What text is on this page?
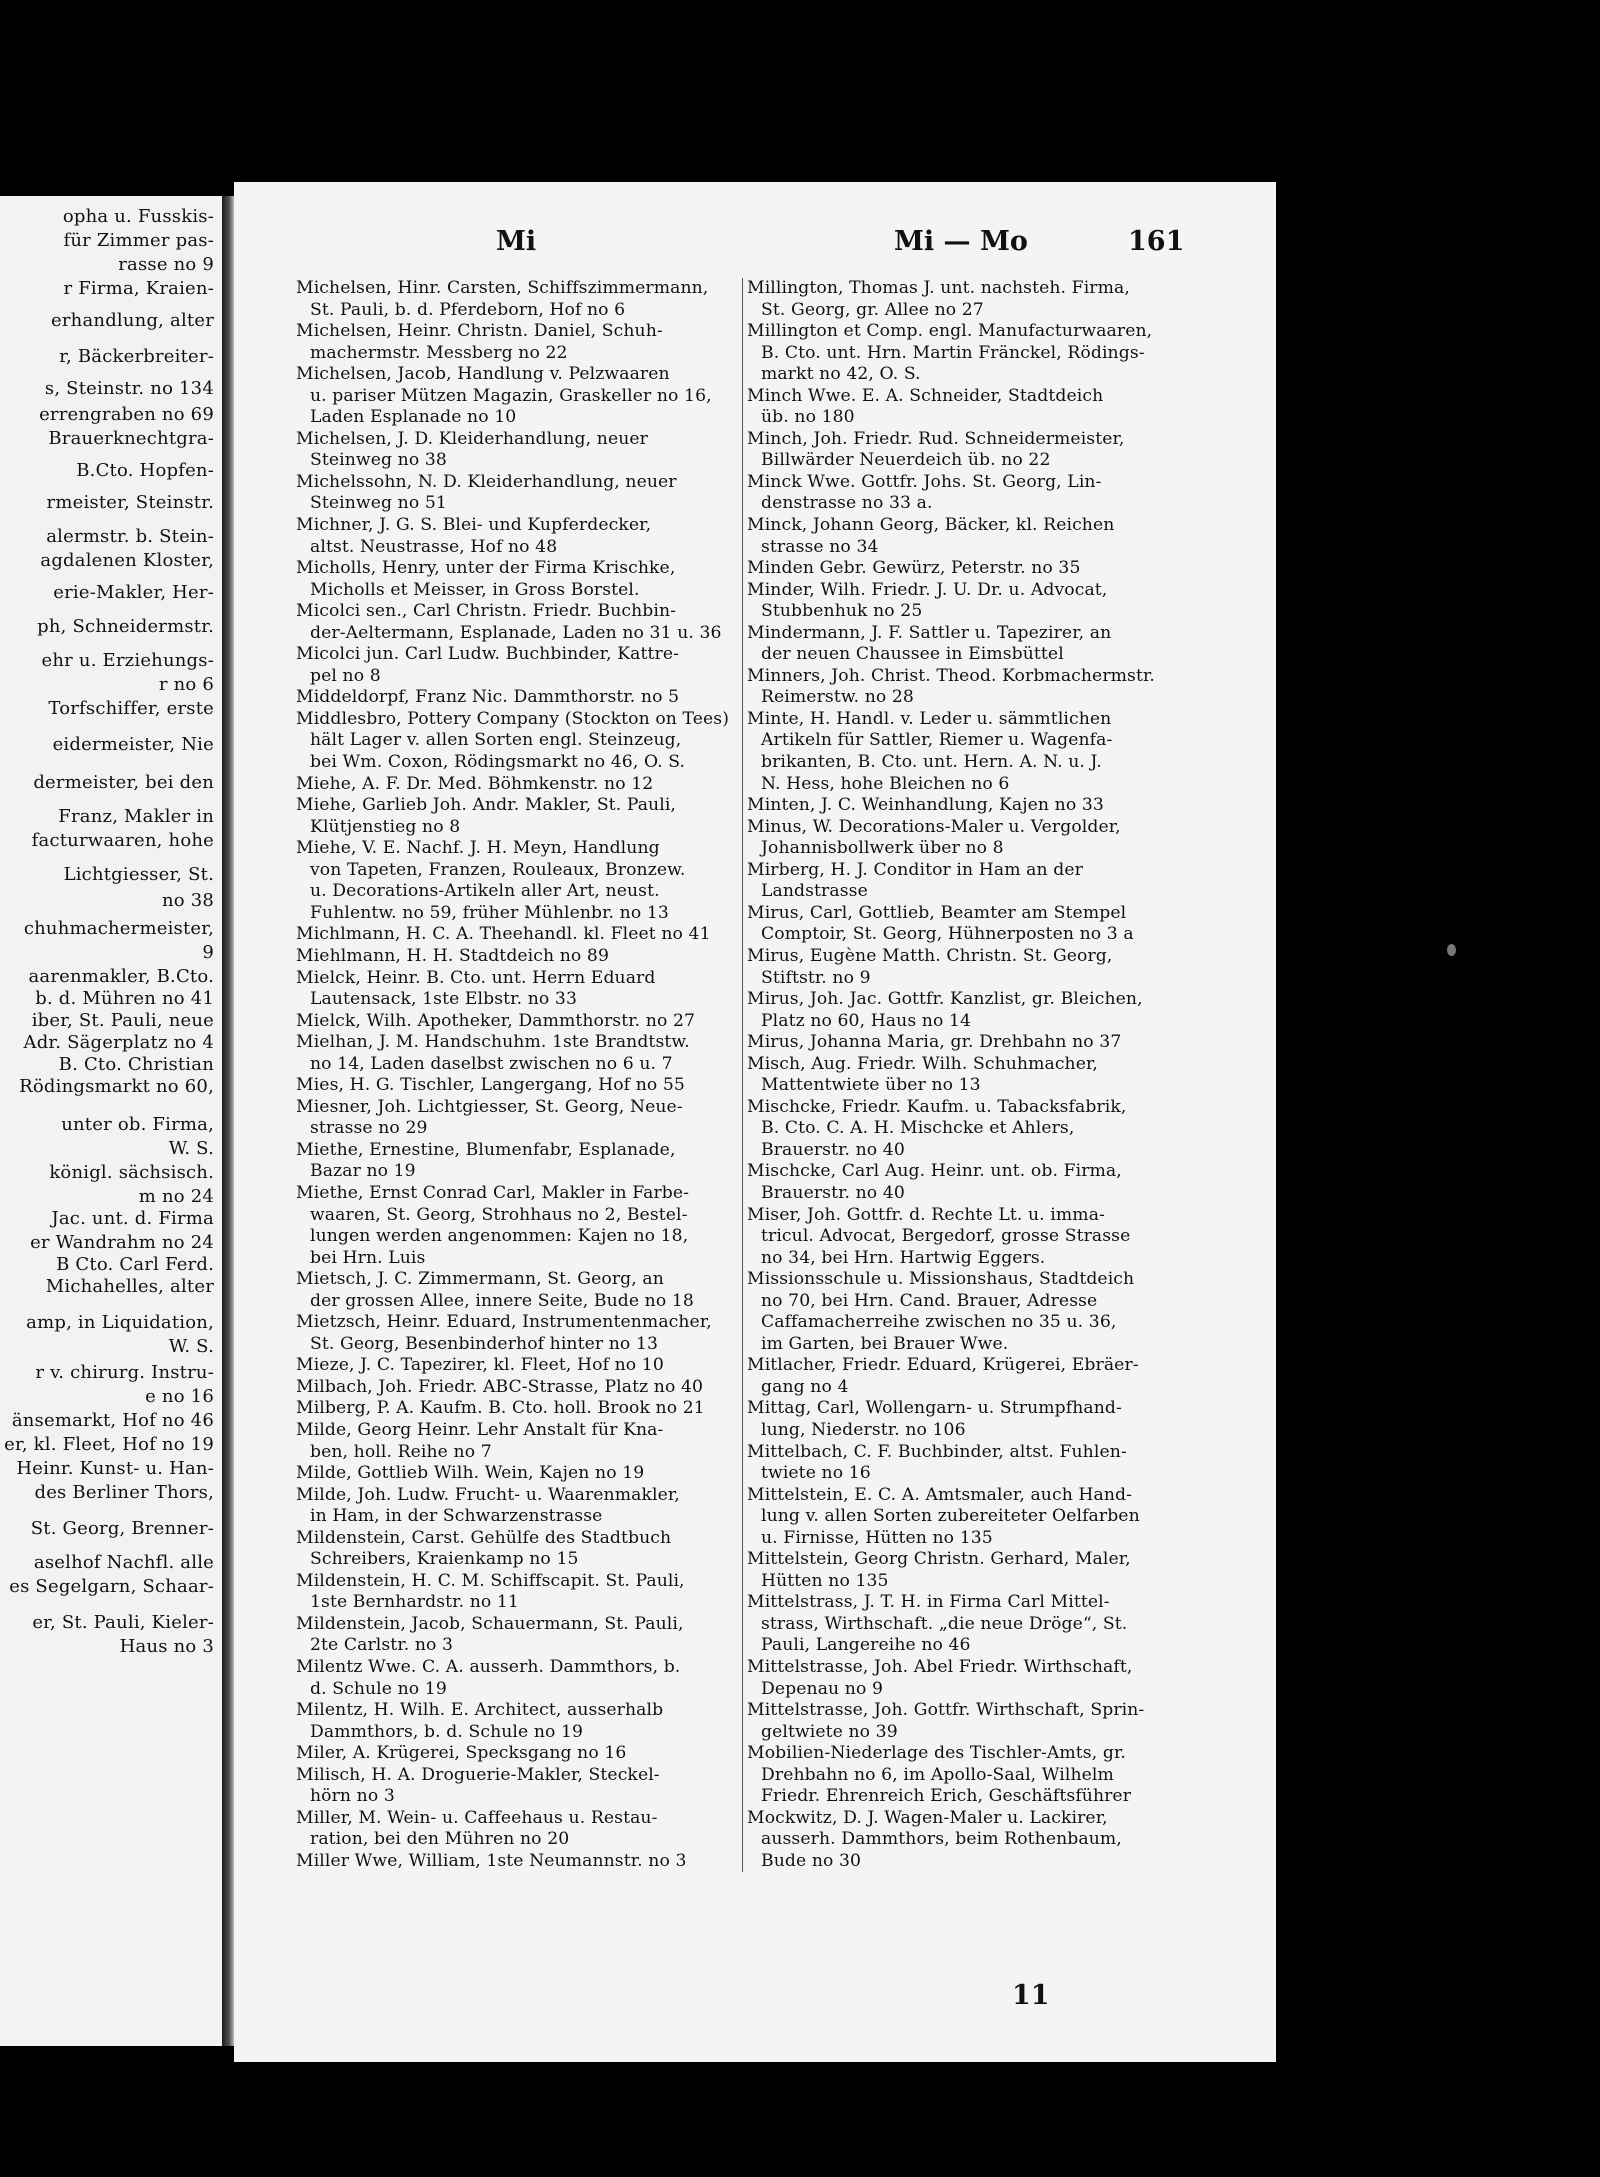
opha u. Fusskis-
für Zimmer pas-
rasse no 9
r Firma, Kraien-
erhandlung, alter
r, Bäckerbreiter-
s, Steinstr. no 134
errengraben no 69
Brauerknechtgra-
B.Cto. Hopfen-
rmeister, Steinstr.
alermstr. b. Stein-
agdalenen Kloster,
erie-Makler, Her-
ph, Schneidermstr.
ehr u. Erziehungs-
r no 6
Torfschiffer, erste
eidermeister, Nie
dermeister, bei den
Franz, Makler in
facturwaaren, hohe
Lichtgiesser, St.
no 38
chuhmachermeister,
9
aarenmakler, B.Cto.
b. d. Mühren no 41
iber, St. Pauli, neue
Adr. Sägerplatz no 4
B. Cto. Christian
Rödingsmarkt no 60,
unter ob. Firma,
W. S.
königl. sächsisch.
m no 24
Jac. unt. d. Firma
er Wandrahm no 24
B Cto. Carl Ferd.
Michahelles, alter
amp, in Liquidation,
W. S.
r v. chirurg. Instru-
e no 16
änsemarkt, Hof no 46
er, kl. Fleet, Hof no 19
Heinr. Kunst- u. Han-
des Berliner Thors,
St. Georg, Brenner-
aselhof Nachfl. alle
es Segelgarn, Schaar-
er, St. Pauli, Kieler-
Haus no 3
Mi	Mi — Mo	161
Michelsen, Hinr. Carsten, Schiffszimmermann,
St. Pauli, b. d. Pferdeborn, Hof no 6
Michelsen, Heinr. Christn. Daniel, Schuh-
machermstr. Messberg no 22
Michelsen, Jacob, Handlung v. Pelzwaaren
u. pariser Mützen Magazin, Graskeller no 16,
Laden Esplanade no 10
Michelsen, J. D. Kleiderhandlung, neuer
Steinweg no 38
Michelssohn, N. D. Kleiderhandlung, neuer
Steinweg no 51
Michner, J. G. S. Blei- und Kupferdecker,
altst. Neustrasse, Hof no 48
Micholls, Henry, unter der Firma Krischke,
Micholls et Meisser, in Gross Borstel.
Micolci sen., Carl Christn. Friedr. Buchbin-
der-Aeltermann, Esplanade, Laden no 31 u. 36
Micolci jun. Carl Ludw. Buchbinder, Kattre-
pel no 8
Middeldorpf, Franz Nic. Dammthorstr. no 5
Middlesbro, Pottery Company (Stockton on Tees)
hält Lager v. allen Sorten engl. Steinzeug,
bei Wm. Coxon, Rödingsmarkt no 46, O. S.
Miehe, A. F. Dr. Med. Böhmkenstr. no 12
Miehe, Garlieb Joh. Andr. Makler, St. Pauli,
Klütjenstieg no 8
Miehe, V. E. Nachf. J. H. Meyn, Handlung
von Tapeten, Franzen, Rouleaux, Bronzew.
u. Decorations-Artikeln aller Art, neust.
Fuhlentw. no 59, früher Mühlenbr. no 13
Michlmann, H. C. A. Theehandl. kl. Fleet no 41
Miehlmann, H. H. Stadtdeich no 89
Mielck, Heinr. B. Cto. unt. Herrn Eduard
Lautensack, 1ste Elbstr. no 33
Mielck, Wilh. Apotheker, Dammthorstr. no 27
Mielhan, J. M. Handschuhm. 1ste Brandtstw.
no 14, Laden daselbst zwischen no 6 u. 7
Mies, H. G. Tischler, Langergang, Hof no 55
Miesner, Joh. Lichtgiesser, St. Georg, Neue-
strasse no 29
Miethe, Ernestine, Blumenfabr, Esplanade,
Bazar no 19
Miethe, Ernst Conrad Carl, Makler in Farbe-
waaren, St. Georg, Strohhaus no 2, Bestel-
lungen werden angenommen: Kajen no 18,
bei Hrn. Luis
Mietsch, J. C. Zimmermann, St. Georg, an
der grossen Allee, innere Seite, Bude no 18
Mietzsch, Heinr. Eduard, Instrumentenmacher,
St. Georg, Besenbinderhof hinter no 13
Mieze, J. C. Tapezirer, kl. Fleet, Hof no 10
Milbach, Joh. Friedr. ABC-Strasse, Platz no 40
Milberg, P. A. Kaufm. B. Cto. holl. Brook no 21
Milde, Georg Heinr. Lehr Anstalt für Kna-
ben, holl. Reihe no 7
Milde, Gottlieb Wilh. Wein, Kajen no 19
Milde, Joh. Ludw. Frucht- u. Waarenmakler,
in Ham, in der Schwarzenstrasse
Mildenstein, Carst. Gehülfe des Stadtbuch
Schreibers, Kraienkamp no 15
Mildenstein, H. C. M. Schiffscapit. St. Pauli,
1ste Bernhardstr. no 11
Mildenstein, Jacob, Schauermann, St. Pauli,
2te Carlstr. no 3
Milentz Wwe. C. A. ausserh. Dammthors, b.
d. Schule no 19
Milentz, H. Wilh. E. Architect, ausserhalb
Dammthors, b. d. Schule no 19
Miler, A. Krügerei, Specksgang no 16
Milisch, H. A. Droguerie-Makler, Steckel-
hörn no 3
Miller, M. Wein- u. Caffeehaus u. Restau-
ration, bei den Mühren no 20
Miller Wwe, William, 1ste Neumannstr. no 3
Millington, Thomas J. unt. nachsteh. Firma,
St. Georg, gr. Allee no 27
Millington et Comp. engl. Manufacturwaaren,
B. Cto. unt. Hrn. Martin Fränckel, Rödings-
markt no 42, O. S.
Minch Wwe. E. A. Schneider, Stadtdeich
üb. no 180
Minch, Joh. Friedr. Rud. Schneidermeister,
Billwärder Neuerdeich üb. no 22
Minck Wwe. Gottfr. Johs. St. Georg, Lin-
denstrasse no 33 a.
Minck, Johann Georg, Bäcker, kl. Reichen
strasse no 34
Minden Gebr. Gewürz, Peterstr. no 35
Minder, Wilh. Friedr. J. U. Dr. u. Advocat,
Stubbenhuk no 25
Mindermann, J. F. Sattler u. Tapezirer, an
der neuen Chaussee in Eimsbüttel
Minners, Joh. Christ. Theod. Korbmachermstr.
Reimerstw. no 28
Minte, H. Handl. v. Leder u. sämmtlichen
Artikeln für Sattler, Riemer u. Wagenfa-
brikanten, B. Cto. unt. Hern. A. N. u. J.
N. Hess, hohe Bleichen no 6
Minten, J. C. Weinhandlung, Kajen no 33
Minus, W. Decorations-Maler u. Vergolder,
Johannisbollwerk über no 8
Mirberg, H. J. Conditor in Ham an der
Landstrasse
Mirus, Carl, Gottlieb, Beamter am Stempel
Comptoir, St. Georg, Hühnerposten no 3 a
Mirus, Eugène Matth. Christn. St. Georg,
Stiftstr. no 9
Mirus, Joh. Jac. Gottfr. Kanzlist, gr. Bleichen,
Platz no 60, Haus no 14
Mirus, Johanna Maria, gr. Drehbahn no 37
Misch, Aug. Friedr. Wilh. Schuhmacher,
Mattentwiete über no 13
Mischcke, Friedr. Kaufm. u. Tabacksfabrik,
B. Cto. C. A. H. Mischcke et Ahlers,
Brauerstr. no 40
Mischcke, Carl Aug. Heinr. unt. ob. Firma,
Brauerstr. no 40
Miser, Joh. Gottfr. d. Rechte Lt. u. imma-
tricul. Advocat, Bergedorf, grosse Strasse
no 34, bei Hrn. Hartwig Eggers.
Missionsschule u. Missionshaus, Stadtdeich
no 70, bei Hrn. Cand. Brauer, Adresse
Caffamacherreihe zwischen no 35 u. 36,
im Garten, bei Brauer Wwe.
Mitlacher, Friedr. Eduard, Krügerei, Ebräer-
gang no 4
Mittag, Carl, Wollengarn- u. Strumpfhand-
lung, Niederstr. no 106
Mittelbach, C. F. Buchbinder, altst. Fuhlen-
twiete no 16
Mittelstein, E. C. A. Amtsmaler, auch Hand-
lung v. allen Sorten zubereiteter Oelfarben
u. Firnisse, Hütten no 135
Mittelstein, Georg Christn. Gerhard, Maler,
Hütten no 135
Mittelstrass, J. T. H. in Firma Carl Mittel-
strass, Wirthschaft. „die neue Dröge“, St.
Pauli, Langereihe no 46
Mittelstrasse, Joh. Abel Friedr. Wirthschaft,
Depenau no 9
Mittelstrasse, Joh. Gottfr. Wirthschaft, Sprin-
geltwiete no 39
Mobilien-Niederlage des Tischler-Amts, gr.
Drehbahn no 6, im Apollo-Saal, Wilhelm
Friedr. Ehrenreich Erich, Geschäftsführer
Mockwitz, D. J. Wagen-Maler u. Lackirer,
ausserh. Dammthors, beim Rothenbaum,
Bude no 30
11
